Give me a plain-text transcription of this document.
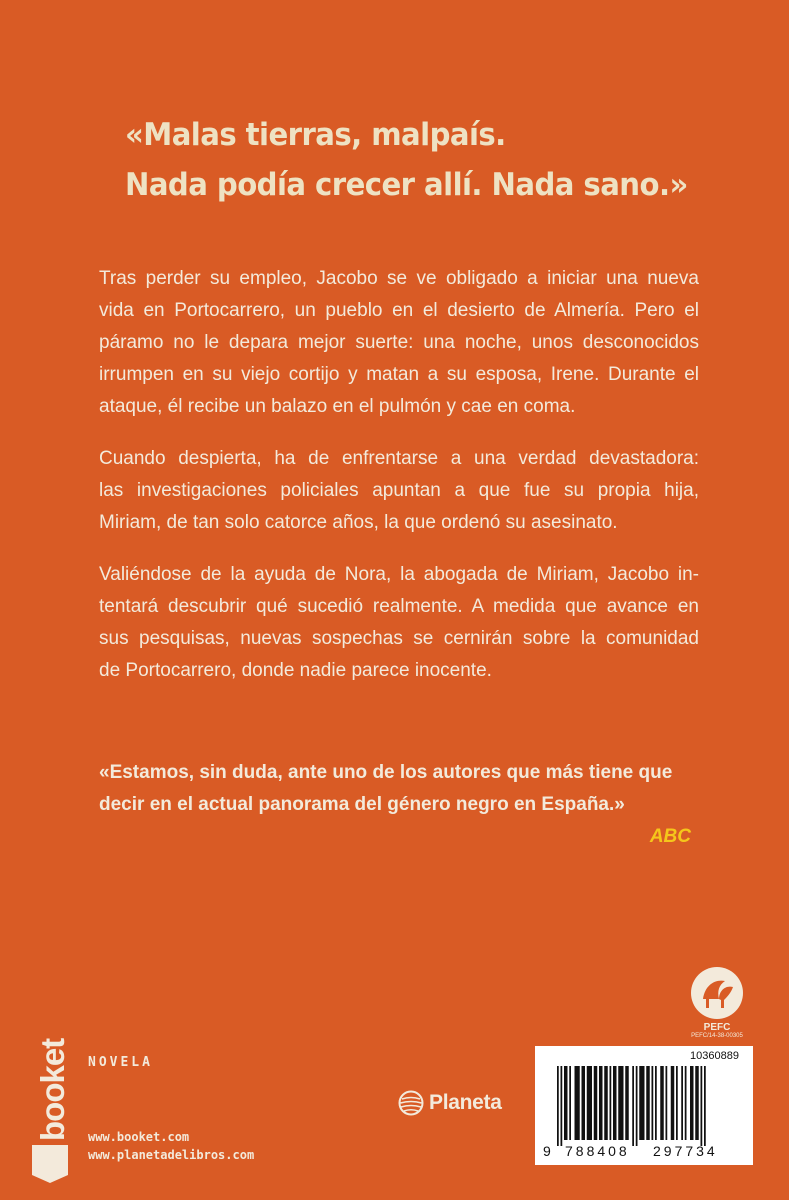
«Malas tierras, malpaís.
Nada podía crecer allí. Nada sano.»

Tras perder su empleo, Jacobo se ve obligado a iniciar una nueva
vida en Portocarrero, un pueblo en el desierto de Almería. Pero el
páramo no le depara mejor suerte: una noche, unos desconocidos
irrumpen en su viejo cortijo y matan a su esposa, Irene. Durante el
ataque, él recibe un balazo en el pulmón y cae en coma.

Cuando despierta, ha de enfrentarse a una verdad devastadora:
las investigaciones policiales apuntan a que fue su propia hija,
Miriam, de tan solo catorce años, la que ordenó su asesinato.

Valiéndose de la ayuda de Nora, la abogada de Miriam, Jacobo in-
tentará descubrir qué sucedió realmente. A medida que avance en
sus pesquisas, nuevas sospechas se cernirán sobre la comunidad
de Portocarrero, donde nadie parece inocente.

«Estamos, sin duda, ante uno de los autores que más tiene que
decir en el actual panorama del género negro en España.»
ABC
PEFC
PEFC/14-38-00305
booket NOVELA
www.booket.com
www.planetadelibros.com
Planeta
10360889
9 788408 297734
